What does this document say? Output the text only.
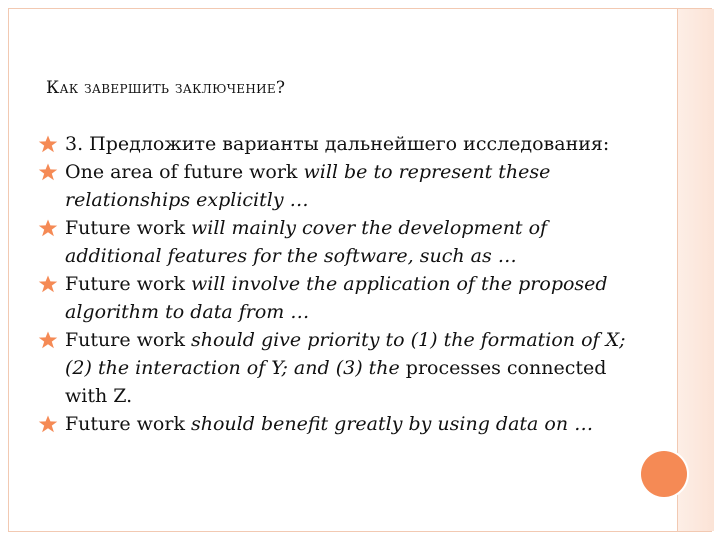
Как завершить заключение?
3. Предложите варианты дальнейшего исследования:
One area of future work will be to represent these relationships explicitly …
Future work will mainly cover the development of additional features for the software, such as …
Future work will involve the application of the proposed algorithm to data from …
Future work should give priority to (1) the formation of X; (2) the interaction of Y; and (3) the processes connected with Z.
Future work should benefit greatly by using data on …
